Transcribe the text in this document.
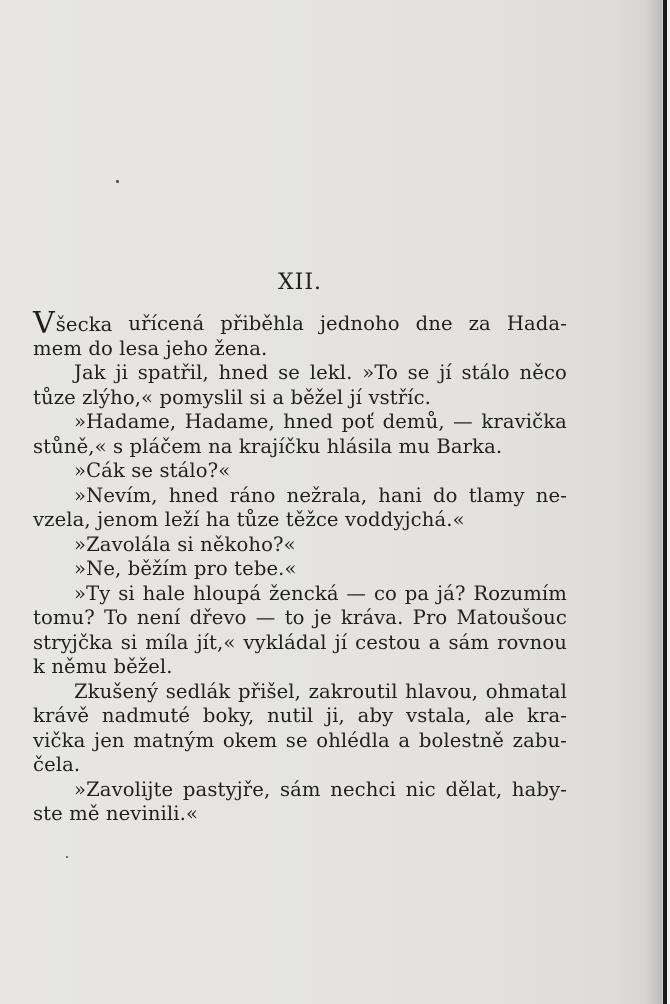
XII.
Všecka uřícená přiběhla jednoho dne za Hada-
mem do lesa jeho žena.
Jak ji spatřil, hned se lekl. »To se jí stálo něco
tůze zlýho,« pomyslil si a běžel jí vstříc.
»Hadame, Hadame, hned poť demů, — kravička
stůně,« s pláčem na krajíčku hlásila mu Barka.
»Cák se stálo?«
»Nevím, hned ráno nežrala, hani do tlamy ne-
vzela, jenom leží ha tůze těžce voddyjchá.«
»Zavolála si někoho?«
»Ne, běžím pro tebe.«
»Ty si hale hloupá žencká — co pa já? Rozumím
tomu? To není dřevo — to je kráva. Pro Matoušouc
stryjčka si míla jít,« vykládal jí cestou a sám rovnou
k němu běžel.
Zkušený sedlák přišel, zakroutil hlavou, ohmatal
krávě nadmuté boky, nutil ji, aby vstala, ale kra-
vička jen matným okem se ohlédla a bolestně zabu-
čela.
»Zavolijte pastyjře, sám nechci nic dělat, haby-
ste mě nevinili.«
